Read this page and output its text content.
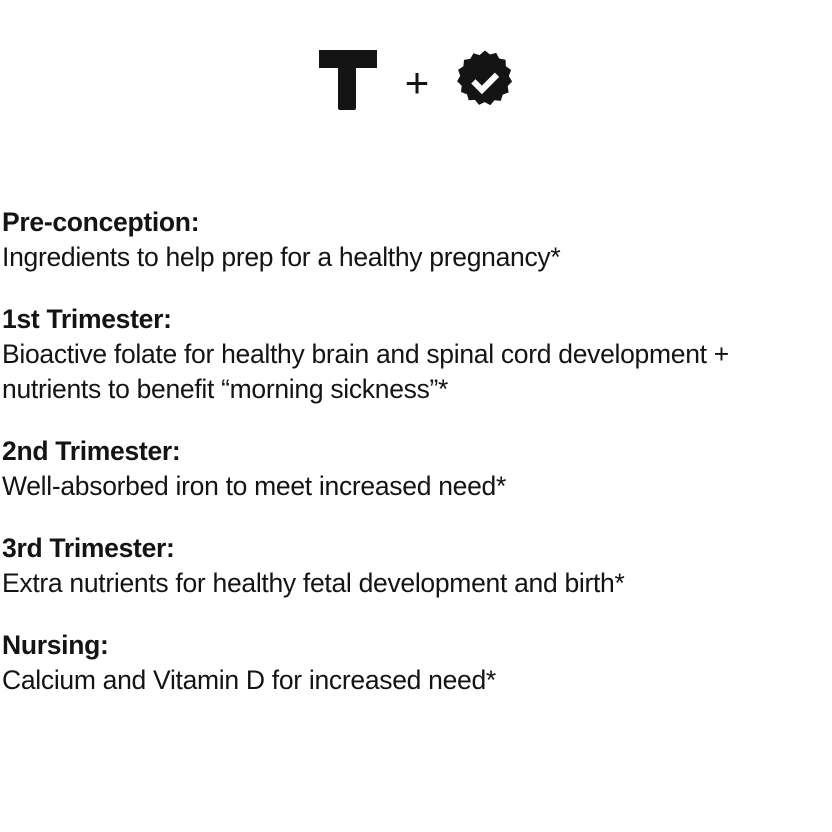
+

Pre-conception:

Ingredients to help prep for a healthy pregnancy*

1st Trimester:

Bioactive folate for healthy brain and spinal cord development + nutrients to benefit “morning sickness”*

2nd Trimester:

Well-absorbed iron to meet increased need*

3rd Trimester:

Extra nutrients for healthy fetal development and birth*

Nursing:

Calcium and Vitamin D for increased need*
